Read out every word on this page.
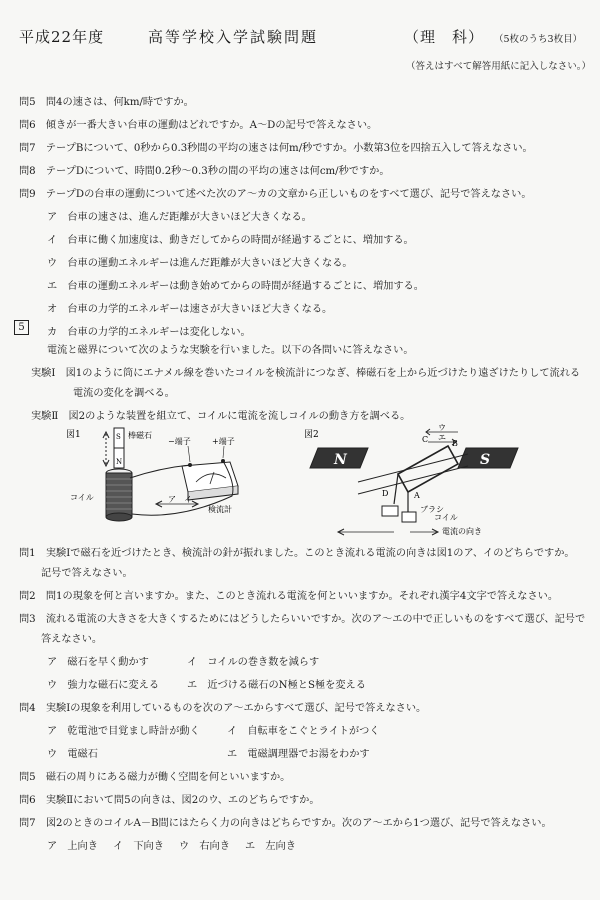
平成22年度	高等学校入学試験問題	（理　科） （5枚のうち3枚目）
（答えはすべて解答用紙に記入しなさい。）
問5　問4の速さは、何km/時ですか。
問6　傾きが一番大きい台車の運動はどれですか。A～Dの記号で答えなさい。
問7　テープBについて、0秒から0.3秒間の平均の速さは何m/秒ですか。小数第3位を四捨五入して答えなさい。
問8　テープDについて、時間0.2秒～0.3秒の間の平均の速さは何cm/秒ですか。
問9　テープDの台車の運動について述べた次のア～カの文章から正しいものをすべて選び、記号で答えなさい。
ア　台車の速さは、進んだ距離が大きいほど大きくなる。
イ　台車に働く加速度は、動きだしてからの時間が経過するごとに、増加する。
ウ　台車の運動エネルギーは進んだ距離が大きいほど大きくなる。
エ　台車の運動エネルギーは動き始めてからの時間が経過するごとに、増加する。
オ　台車の力学的エネルギーは速さが大きいほど大きくなる。
カ　台車の力学的エネルギーは変化しない。
5
電流と磁界について次のような実験を行いました。以下の各問いに答えなさい。
実験Ⅰ　図1のように筒にエナメル線を巻いたコイルを検流計につなぎ、棒磁石を上から近づけたり遠ざけたりして流れる
電流の変化を調べる。
実験Ⅱ　図2のような装置を組立て、コイルに電流を流しコイルの動き方を調べる。
図1	S
N
棒磁石
コイル
−端子	+端子
検流計
ア イ
図2
N	S
C	B
A
D
ウ
エ
ブラシ
コイル
電流の向き
問1　実験Ⅰで磁石を近づけたとき、検流計の針が振れました。このとき流れる電流の向きは図1のア、イのどちらですか。
記号で答えなさい。
問2　問1の現象を何と言いますか。また、このとき流れる電流を何といいますか。それぞれ漢字4文字で答えなさい。
問3　流れる電流の大きさを大きくするためにはどうしたらいいですか。次のア～エの中で正しいものをすべて選び、記号で
答えなさい。
ア　磁石を早く動かす	イ　コイルの巻き数を減らす
ウ　強力な磁石に変える	エ　近づける磁石のN極とS極を変える
問4　実験Ⅰの現象を利用しているものを次のア～エからすべて選び、記号で答えなさい。
ア　乾電池で目覚まし時計が動く	イ　自転車をこぐとライトがつく
ウ　電磁石	エ　電磁調理器でお湯をわかす
問5　磁石の周りにある磁力が働く空間を何といいますか。
問6　実験Ⅱにおいて問5の向きは、図2のウ、エのどちらですか。
問7　図2のときのコイルA－B間にはたらく力の向きはどちらですか。次のア～エから1つ選び、記号で答えなさい。
ア　上向き イ　下向き ウ　右向き エ　左向き
